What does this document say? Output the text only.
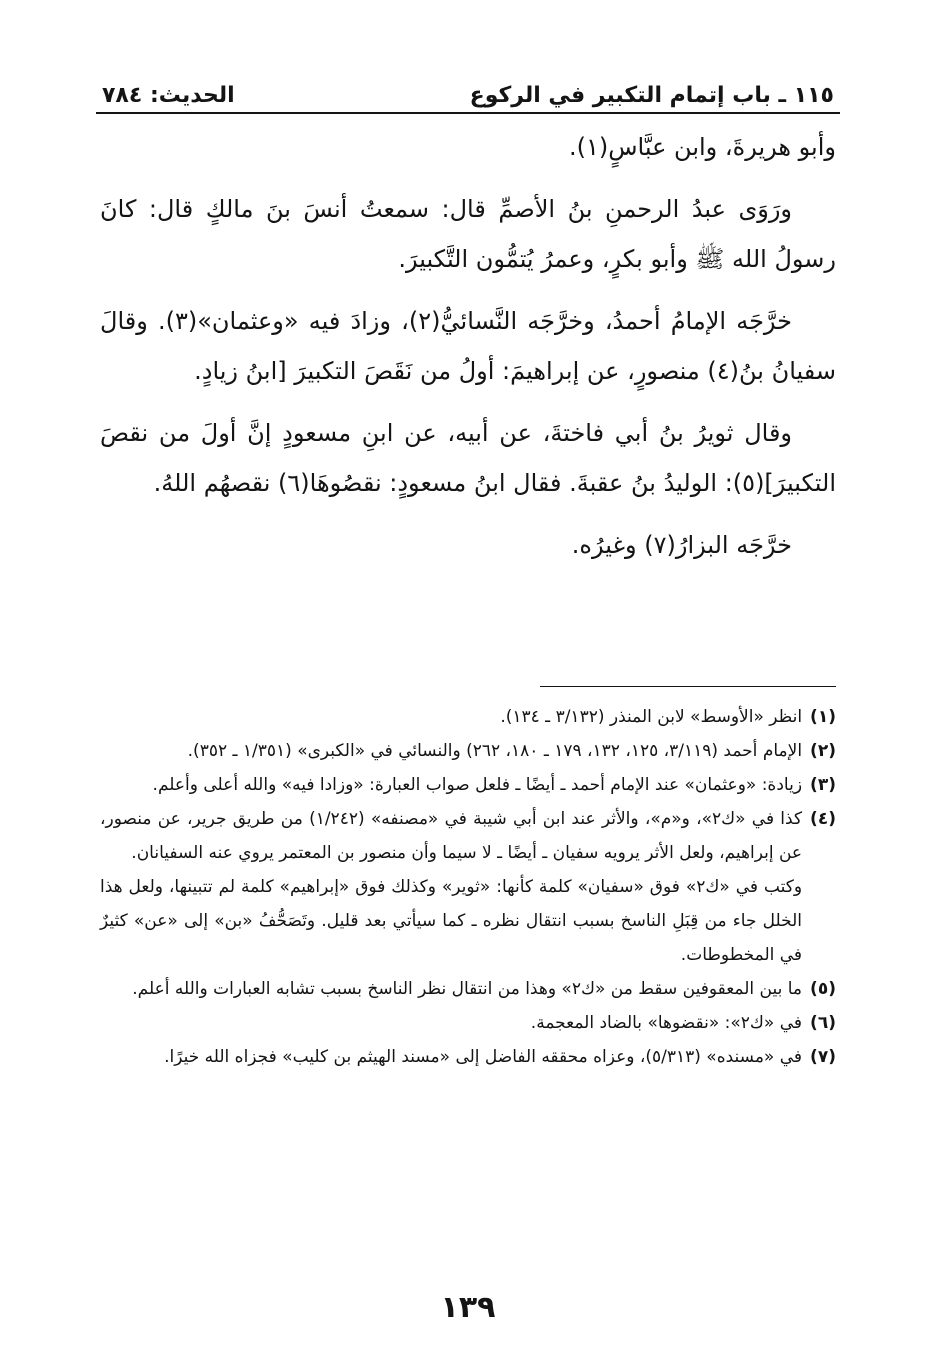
١١٥ ـ باب إتمام التكبير في الركوع
الحديث: ٧٨٤

وأبو هريرةَ، وابن عبَّاسٍ(١).

ورَوَى عبدُ الرحمنِ بنُ الأصمِّ قال: سمعتُ أنسَ بنَ مالكٍ قال: كانَ رسولُ الله ﷺ وأبو بكرٍ، وعمرُ يُتمُّون التَّكبيرَ.

خرَّجَه الإمامُ أحمدُ، وخرَّجَه النَّسائيُّ(٢)، وزادَ فيه «وعثمان»(٣). وقالَ سفيانُ بنُ(٤) منصورٍ، عن إبراهيمَ: أولُ من نَقَصَ التكبيرَ [ابنُ زيادٍ.

وقال ثويرُ بنُ أبي فاختةَ، عن أبيه، عن ابنِ مسعودٍ إنَّ أولَ من نقصَ التكبيرَ](٥): الوليدُ بنُ عقبةَ. فقال ابنُ مسعودٍ: نقصُوهَا(٦) نقصهُم اللهُ.

خرَّجَه البزارُ(٧) وغيرُه.

(١)

انظر «الأوسط» لابن المنذر (٣/١٣٢ ـ ١٣٤).

(٢)

الإمام أحمد (٣/١١٩، ١٢٥، ١٣٢، ١٧٩ ـ ١٨٠، ٢٦٢) والنسائي في «الكبرى» (١/٣٥١ ـ ٣٥٢).

(٣)

زيادة: «وعثمان» عند الإمام أحمد ـ أيضًا ـ فلعل صواب العبارة: «وزادا فيه» والله أعلى وأعلم.

(٤)

كذا في «ك٢»، و«م»، والأثر عند ابن أبي شيبة في «مصنفه» (١/٢٤٢) من طريق جرير، عن منصور، عن إبراهيم، ولعل الأثر يرويه سفيان ـ أيضًا ـ لا سيما وأن منصور بن المعتمر يروي عنه السفيانان.

وكتب في «ك٢» فوق «سفيان» كلمة كأنها: «ثوير» وكذلك فوق «إبراهيم» كلمة لم تتبينها، ولعل هذا الخلل جاء من قِبَلِ الناسخ بسبب انتقال نظره ـ كما سيأتي بعد قليل. وتَصَحُّفُ «بن» إلى «عن» كثيرٌ في المخطوطات.

(٥)

ما بين المعقوفين سقط من «ك٢» وهذا من انتقال نظر الناسخ بسبب تشابه العبارات والله أعلم.

(٦)

في «ك٢»: «نقضوها» بالضاد المعجمة.

(٧)

في «مسنده» (٥/٣١٣)، وعزاه محققه الفاضل إلى «مسند الهيثم بن كليب» فجزاه الله خيرًا.

١٣٩
